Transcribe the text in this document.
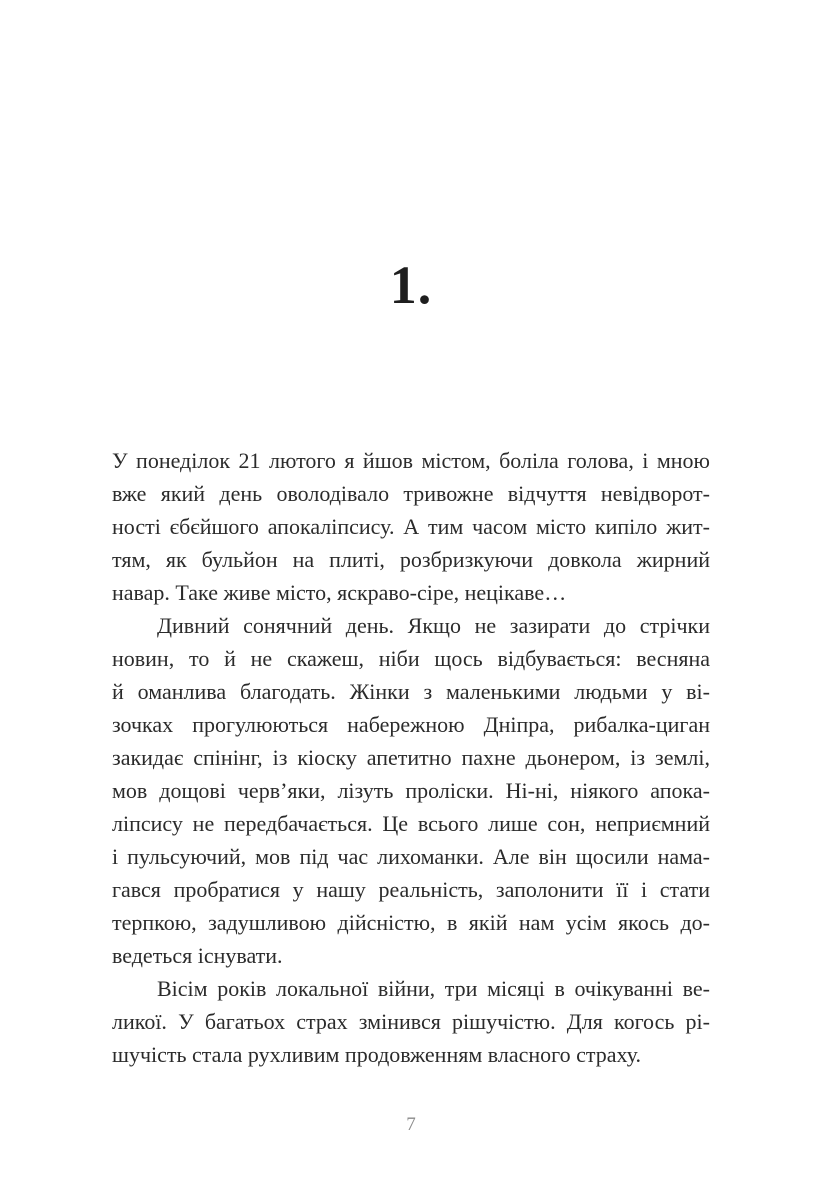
1.
У понеділок 21 лютого я йшов містом, боліла голова, і мною
вже який день оволодівало тривожне відчуття невідворот-
ності єбєйшого апокаліпсису. А тим часом місто кипіло жит-
тям, як бульйон на плиті, розбризкуючи довкола жирний
навар. Таке живе місто, яскраво-сіре, нецікаве…
Дивний сонячний день. Якщо не зазирати до стрічки
новин, то й не скажеш, ніби щось відбувається: весняна
й оманлива благодать. Жінки з маленькими людьми у ві-
зочках прогулюються набережною Дніпра, рибалка-циган
закидає спінінг, із кіоску апетитно пахне дьонером, із землі,
мов дощові черв’яки, лізуть проліски. Ні-ні, ніякого апока-
ліпсису не передбачається. Це всього лише сон, неприємний
і пульсуючий, мов під час лихоманки. Але він щосили нама-
гався пробратися у нашу реальність, заполонити її і стати
терпкою, задушливою дійсністю, в якій нам усім якось до-
ведеться існувати.
Вісім років локальної війни, три місяці в очікуванні ве-
ликої. У багатьох страх змінився рішучістю. Для когось рі-
шучість стала рухливим продовженням власного страху.
7
